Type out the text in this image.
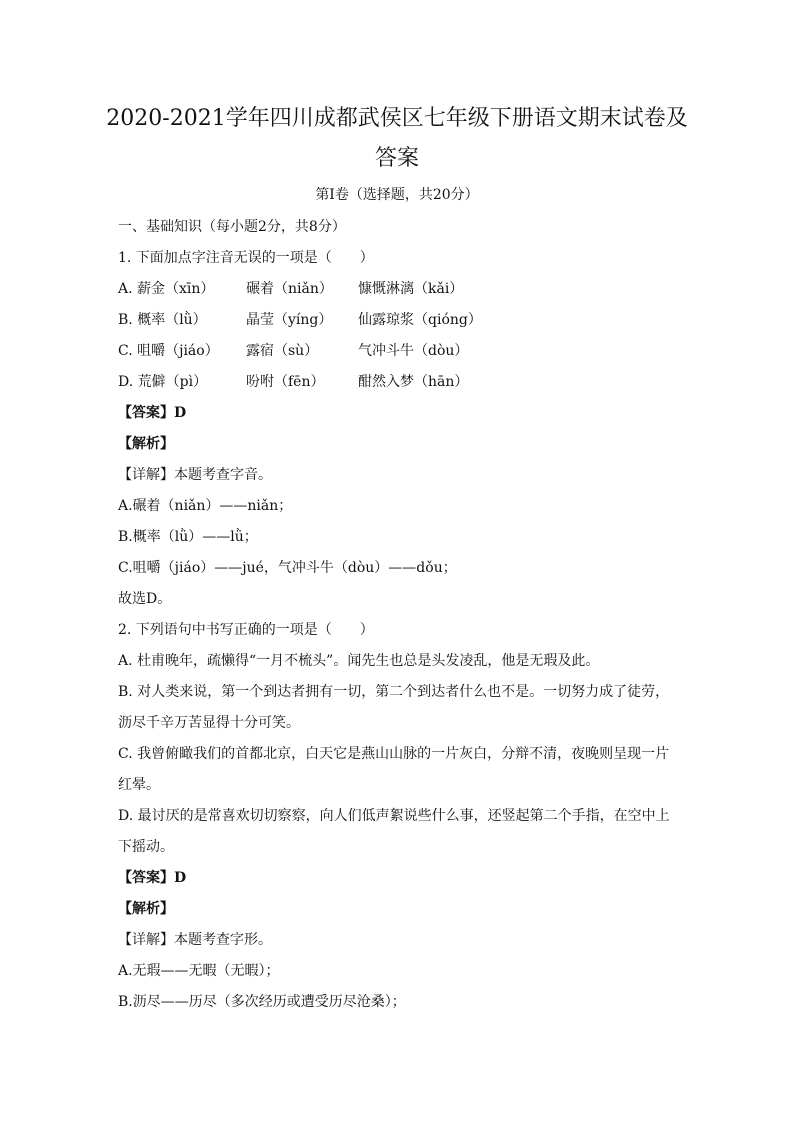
2020-2021学年四川成都武侯区七年级下册语文期末试卷及
答案
第I卷（选择题，共20分）
一、基础知识（每小题2分，共8分）
1. 下面加点字注音无误的一项是（　　）
A. 薪金（xīn）	碾着（niǎn）	慷慨淋漓（kǎi）
B. 概率（lǜ）	晶莹（yíng）	仙露琼浆（qióng）
C. 咀嚼（jiáo）	露宿（sù）	气冲斗牛（dòu）
D. 荒僻（pì）	吩咐（fēn）	酣然入梦（hān）
【答案】D
【解析】
【详解】本题考查字音。
A.碾着（niǎn）——niǎn；
B.概率（lǜ）——lǜ；
C.咀嚼（jiáo）——jué，气冲斗牛（dòu）——dǒu；
故选D。
2. 下列语句中书写正确的一项是（　　）
A. 杜甫晚年，疏懒得“一月不梳头”。闻先生也总是头发凌乱，他是无瑕及此。
B. 对人类来说，第一个到达者拥有一切，第二个到达者什么也不是。一切努力成了徒劳，
沥尽千辛万苦显得十分可笑。
C. 我曾俯瞰我们的首都北京，白天它是燕山山脉的一片灰白，分辩不清，夜晚则呈现一片
红晕。
D. 最讨厌的是常喜欢切切察察，向人们低声絮说些什么事，还竖起第二个手指，在空中上
下摇动。
【答案】D
【解析】
【详解】本题考查字形。
A.无瑕——无暇（无暇）；
B.沥尽——历尽（多次经历或遭受历尽沧桑）；
